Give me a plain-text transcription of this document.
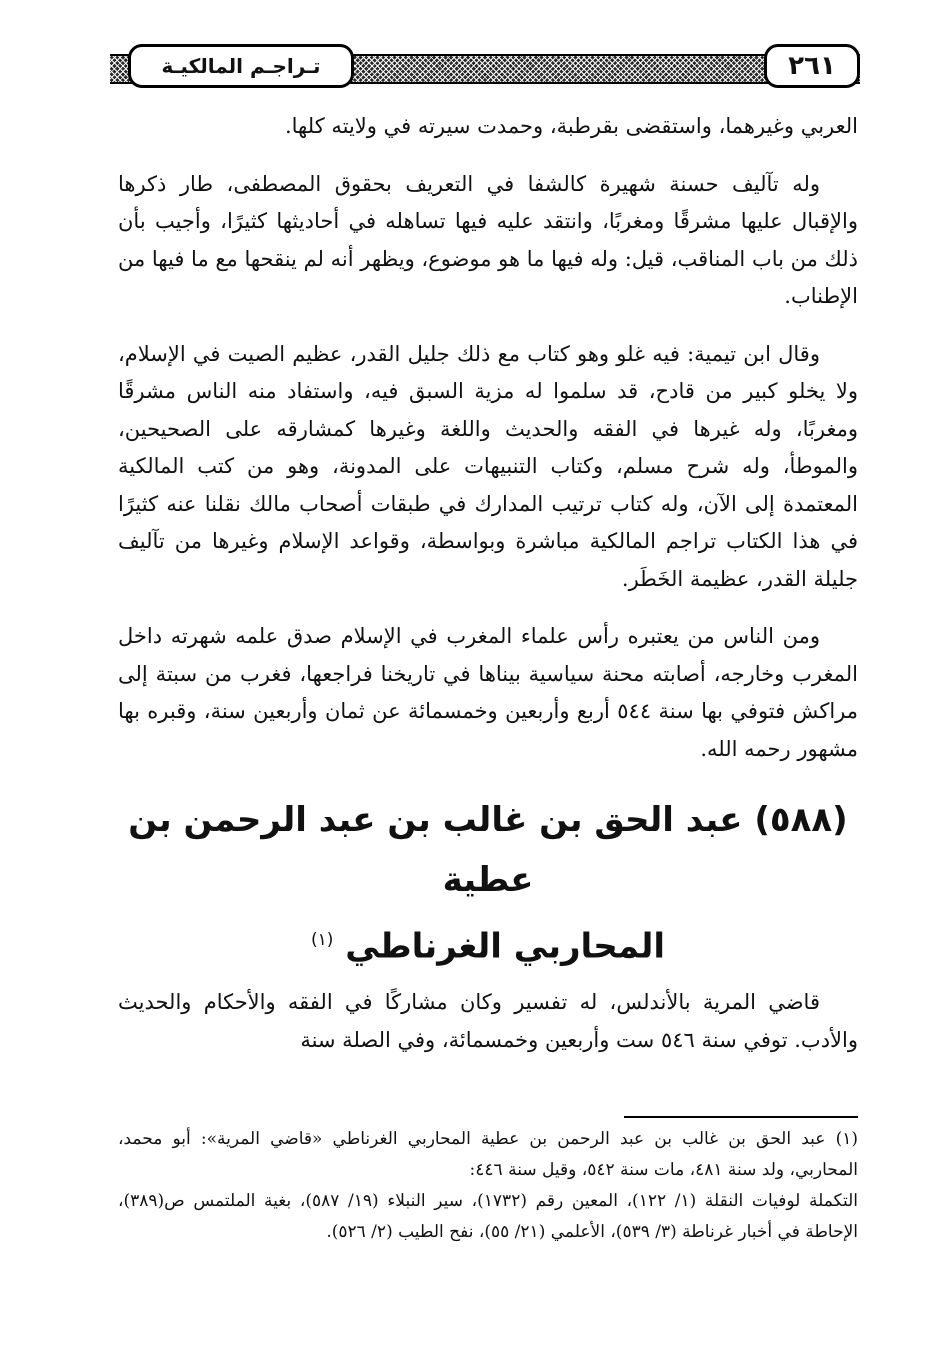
٢٦١
تـراجـم المالكيـة

العربي وغيرهما، واستقضى بقرطبة، وحمدت سيرته في ولايته كلها.

وله تآليف حسنة شهيرة كالشفا في التعريف بحقوق المصطفى، طار ذكرها والإقبال عليها مشرقًا ومغربًا، وانتقد عليه فيها تساهله في أحاديثها كثيرًا، وأجيب بأن ذلك من باب المناقب، قيل: وله فيها ما هو موضوع، ويظهر أنه لم ينقحها مع ما فيها من الإطناب.

وقال ابن تيمية: فيه غلو وهو كتاب مع ذلك جليل القدر، عظيم الصيت في الإسلام، ولا يخلو كبير من قادح، قد سلموا له مزية السبق فيه، واستفاد منه الناس مشرقًا ومغربًا، وله غيرها في الفقه والحديث واللغة وغيرها كمشارقه على الصحيحين، والموطأ، وله شرح مسلم، وكتاب التنبيهات على المدونة، وهو من كتب المالكية المعتمدة إلى الآن، وله كتاب ترتيب المدارك في طبقات أصحاب مالك نقلنا عنه كثيرًا في هذا الكتاب تراجم المالكية مباشرة وبواسطة، وقواعد الإسلام وغيرها من تآليف جليلة القدر، عظيمة الخَطَر.

ومن الناس من يعتبره رأس علماء المغرب في الإسلام صدق علمه شهرته داخل المغرب وخارجه، أصابته محنة سياسية بيناها في تاريخنا فراجعها، فغرب من سبتة إلى مراكش فتوفي بها سنة ٥٤٤ أربع وأربعين وخمسمائة عن ثمان وأربعين سنة، وقبره بها مشهور رحمه الله.

(٥٨٨) عبد الحق بن غالب بن عبد الرحمن بن عطية
المحاربي الغرناطي $^{(١)}$

قاضي المرية بالأندلس، له تفسير وكان مشاركًا في الفقه والأحكام والحديث والأدب. توفي سنة ٥٤٦ ست وأربعين وخمسمائة، وفي الصلة سنة

(١) عبد الحق بن غالب بن عبد الرحمن بن عطية المحاربي الغرناطي «قاضي المرية»: أبو محمد، المحاربي، ولد سنة ٤٨١، مات سنة ٥٤٢، وقيل سنة ٤٤٦:

التكملة لوفيات النقلة (١/ ١٢٢)، المعين رقم (١٧٣٢)، سير النبلاء (١٩/ ٥٨٧)، بغية الملتمس ص(٣٨٩)، الإحاطة في أخبار غرناطة (٣/ ٥٣٩)، الأعلمي (٢١/ ٥٥)، نفح الطيب (٢/ ٥٢٦).
